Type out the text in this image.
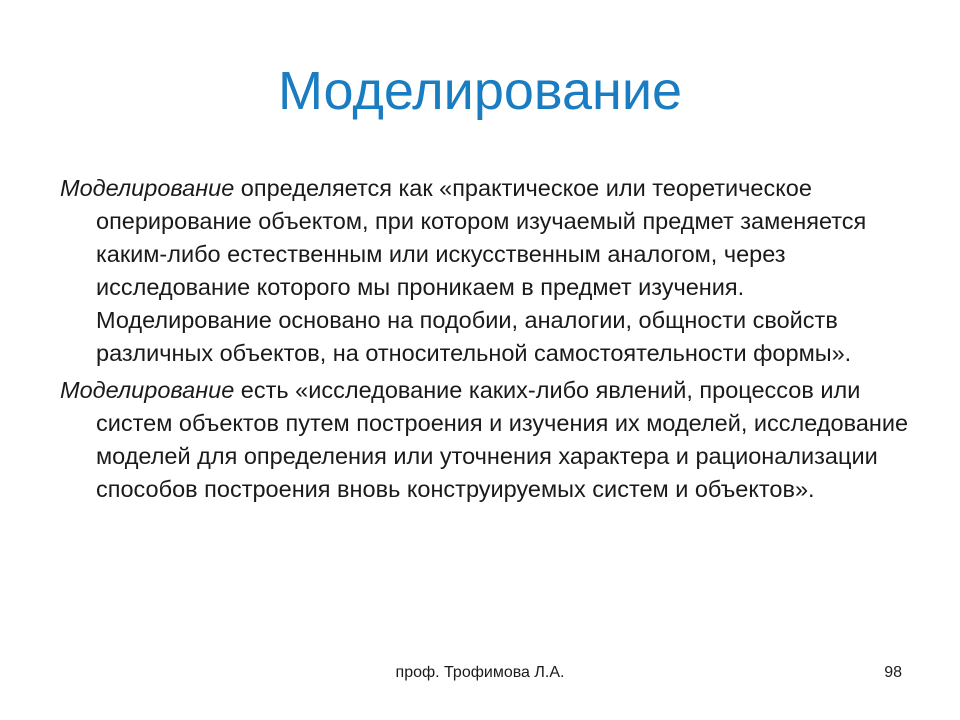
Моделирование

Моделирование определяется как «практическое или теоретическое оперирование объектом, при котором изучаемый предмет заменяется каким-либо естественным или искусственным аналогом, через исследование которого мы проникаем в предмет изучения. Моделирование основано на подобии, аналогии, общности свойств различных объектов, на относительной самостоятельности формы».

Моделирование есть «исследование каких-либо явлений, процессов или систем объектов путем построения и изучения их моделей, исследование моделей для определения или уточнения характера и рационализации способов построения вновь конструируемых систем и объектов».

проф. Трофимова Л.А.	98
